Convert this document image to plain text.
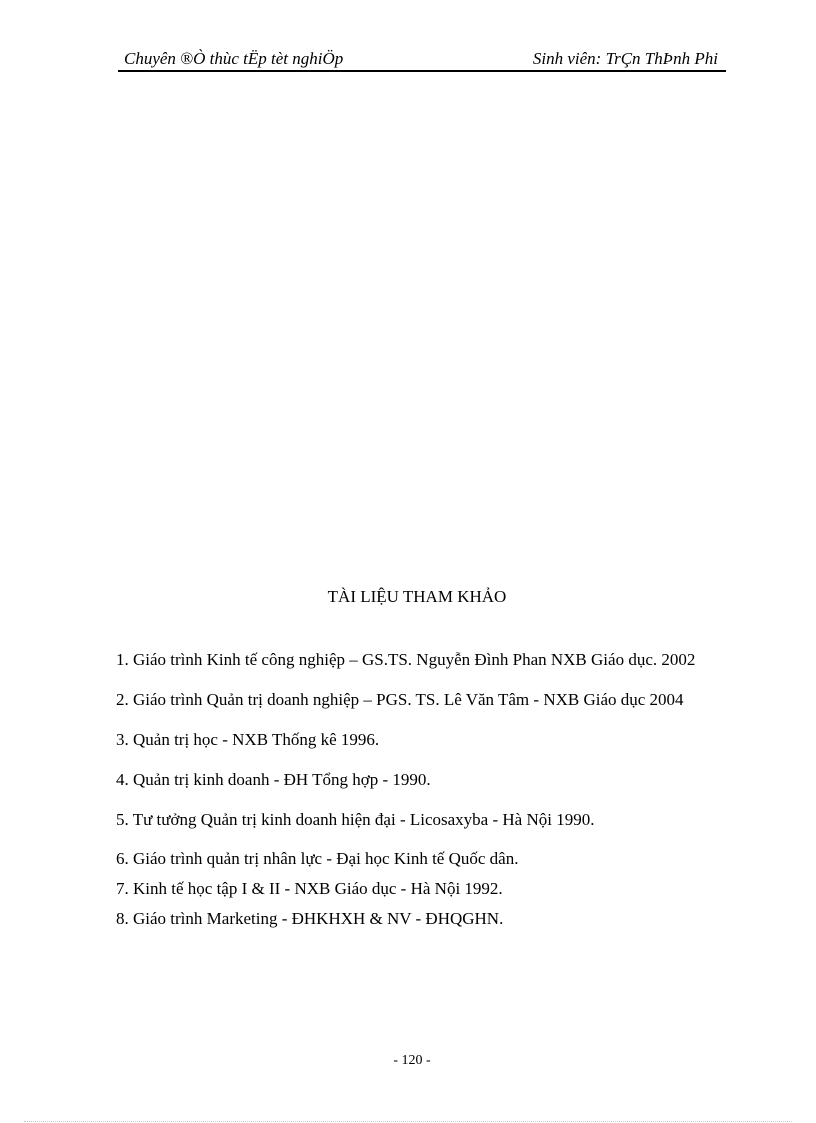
Chuyên ®Ò thùc tËp tèt nghiÖp	Sinh viên: TrÇn ThÞnh Phi
TÀI LIỆU THAM KHẢO
1. Giáo trình Kinh tế công nghiệp – GS.TS. Nguyễn Đình Phan NXB Giáo dục. 2002
2. Giáo trình Quản trị doanh nghiệp – PGS. TS. Lê Văn Tâm - NXB Giáo dục 2004
3. Quản trị học - NXB Thống kê 1996.
4. Quản trị kinh doanh - ĐH Tổng hợp - 1990.
5. Tư tưởng Quản trị kinh doanh hiện đại - Licosaxyba - Hà Nội 1990.
6. Giáo trình quản trị nhân lực - Đại học Kinh tế Quốc dân.
7. Kinh tế học tập I & II - NXB Giáo dục - Hà Nội 1992.
8. Giáo trình Marketing - ĐHKHXH & NV - ĐHQGHN.
- 120 -
